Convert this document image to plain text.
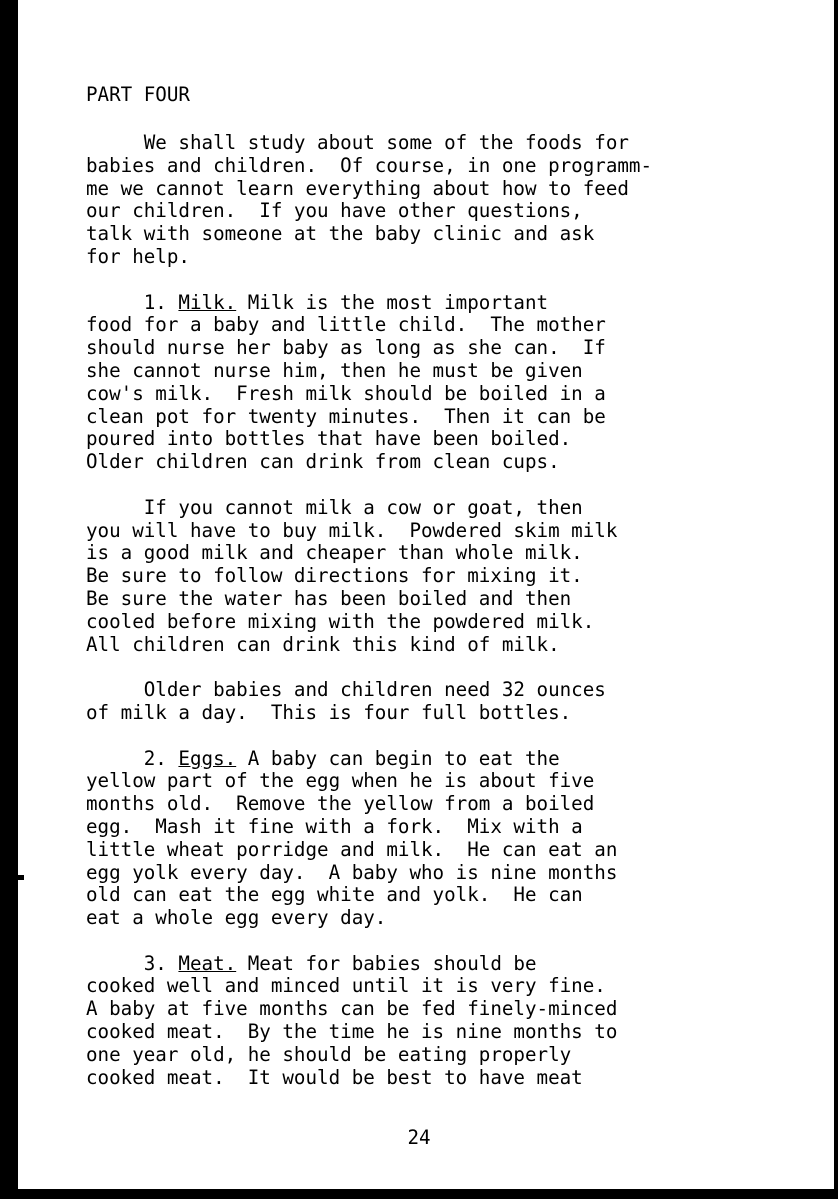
PART FOUR
We shall study about some of the foods for
babies and children.  Of course, in one programm-
me we cannot learn everything about how to feed
our children.  If you have other questions,
talk with someone at the baby clinic and ask
for help.
1. Milk. Milk is the most important
food for a baby and little child.  The mother
should nurse her baby as long as she can.  If
she cannot nurse him, then he must be given
cow's milk.  Fresh milk should be boiled in a
clean pot for twenty minutes.  Then it can be
poured into bottles that have been boiled.
Older children can drink from clean cups.
If you cannot milk a cow or goat, then
you will have to buy milk.  Powdered skim milk
is a good milk and cheaper than whole milk.
Be sure to follow directions for mixing it.
Be sure the water has been boiled and then
cooled before mixing with the powdered milk.
All children can drink this kind of milk.
Older babies and children need 32 ounces
of milk a day.  This is four full bottles.
2. Eggs. A baby can begin to eat the
yellow part of the egg when he is about five
months old.  Remove the yellow from a boiled
egg.  Mash it fine with a fork.  Mix with a
little wheat porridge and milk.  He can eat an
egg yolk every day.  A baby who is nine months
old can eat the egg white and yolk.  He can
eat a whole egg every day.
3. Meat. Meat for babies should be
cooked well and minced until it is very fine.
A baby at five months can be fed finely-minced
cooked meat.  By the time he is nine months to
one year old, he should be eating properly
cooked meat.  It would be best to have meat
24
